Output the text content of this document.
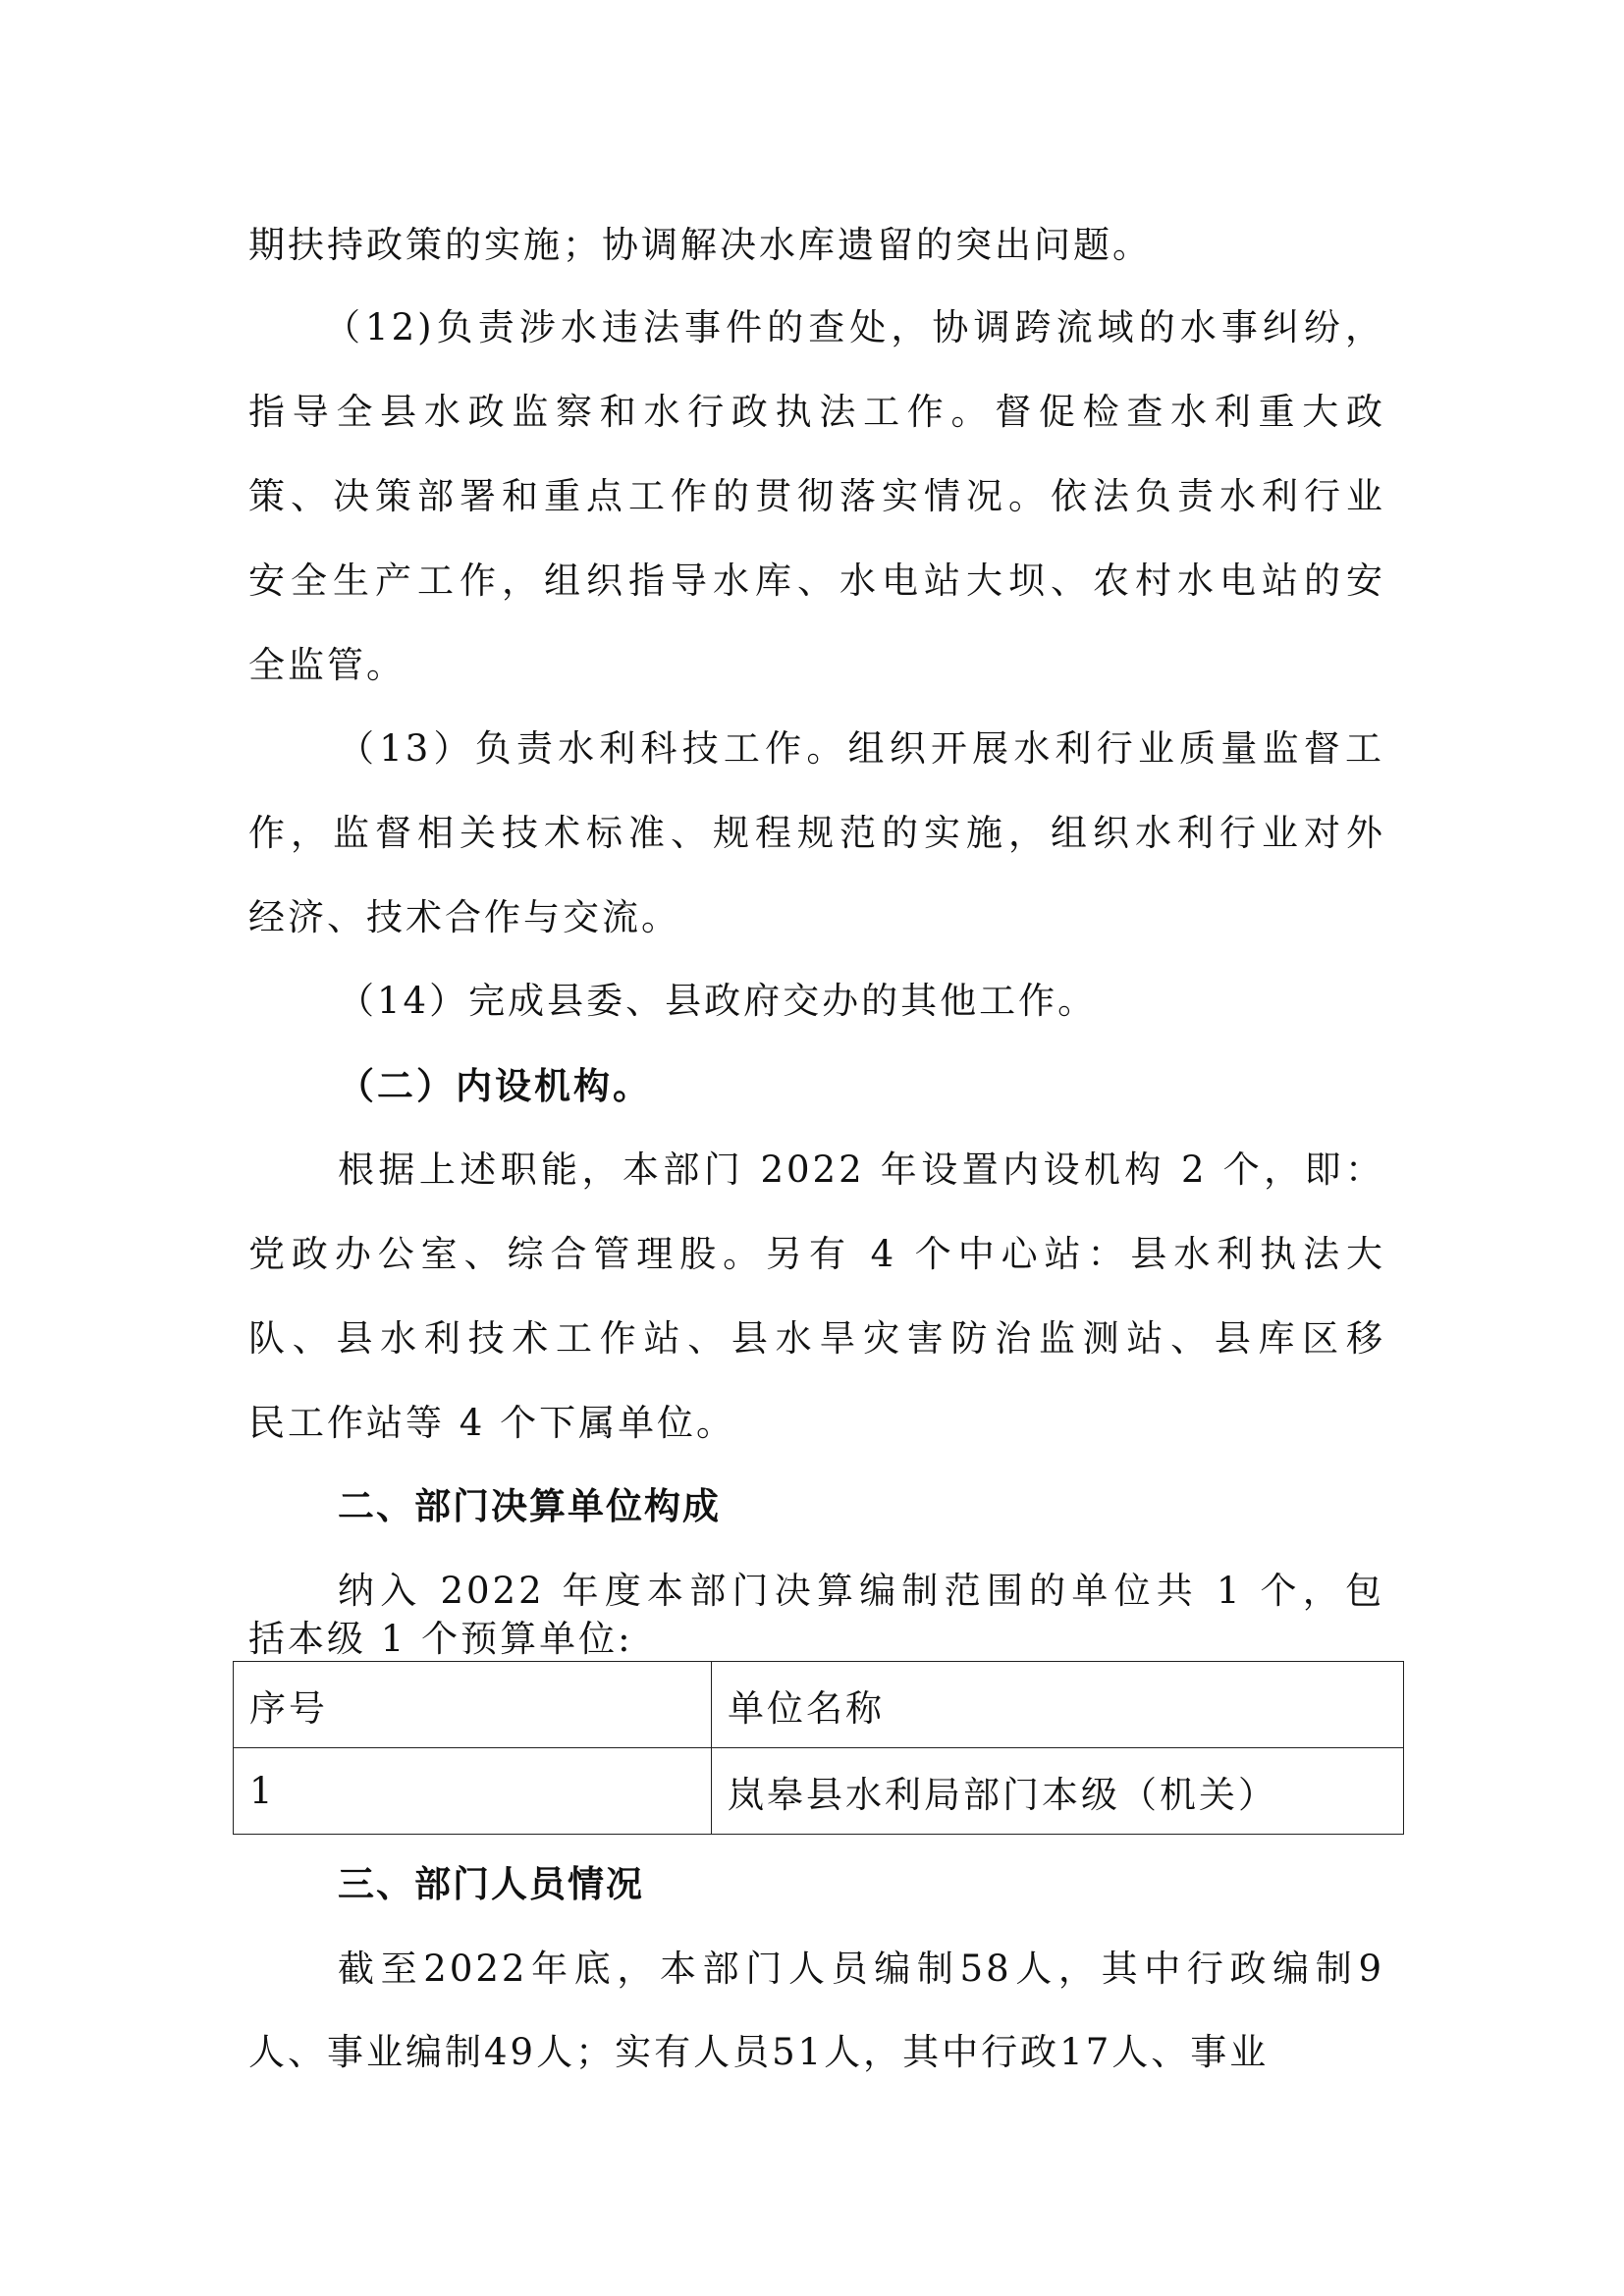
期扶持政策的实施；协调解决水库遗留的突出问题。
（12)负责涉水违法事件的查处，协调跨流域的水事纠纷，
指导全县水政监察和水行政执法工作。督促检查水利重大政
策、决策部署和重点工作的贯彻落实情况。依法负责水利行业
安全生产工作，组织指导水库、水电站大坝、农村水电站的安
全监管。
（13）负责水利科技工作。组织开展水利行业质量监督工
作，监督相关技术标准、规程规范的实施，组织水利行业对外
经济、技术合作与交流。
（14）完成县委、县政府交办的其他工作。
（二）内设机构。
根据上述职能，本部门 2022 年设置内设机构 2 个，即：
党政办公室、综合管理股。另有 4 个中心站：县水利执法大
队、县水利技术工作站、县水旱灾害防治监测站、县库区移
民工作站等 4 个下属单位。
二、部门决算单位构成
纳入 2022 年度本部门决算编制范围的单位共 1 个，包
括本级 1 个预算单位:
序号	单位名称
1	岚皋县水利局部门本级（机关）
三、部门人员情况
截至2022年底，本部门人员编制58人，其中行政编制9
人、事业编制49人；实有人员51人，其中行政17人、事业
